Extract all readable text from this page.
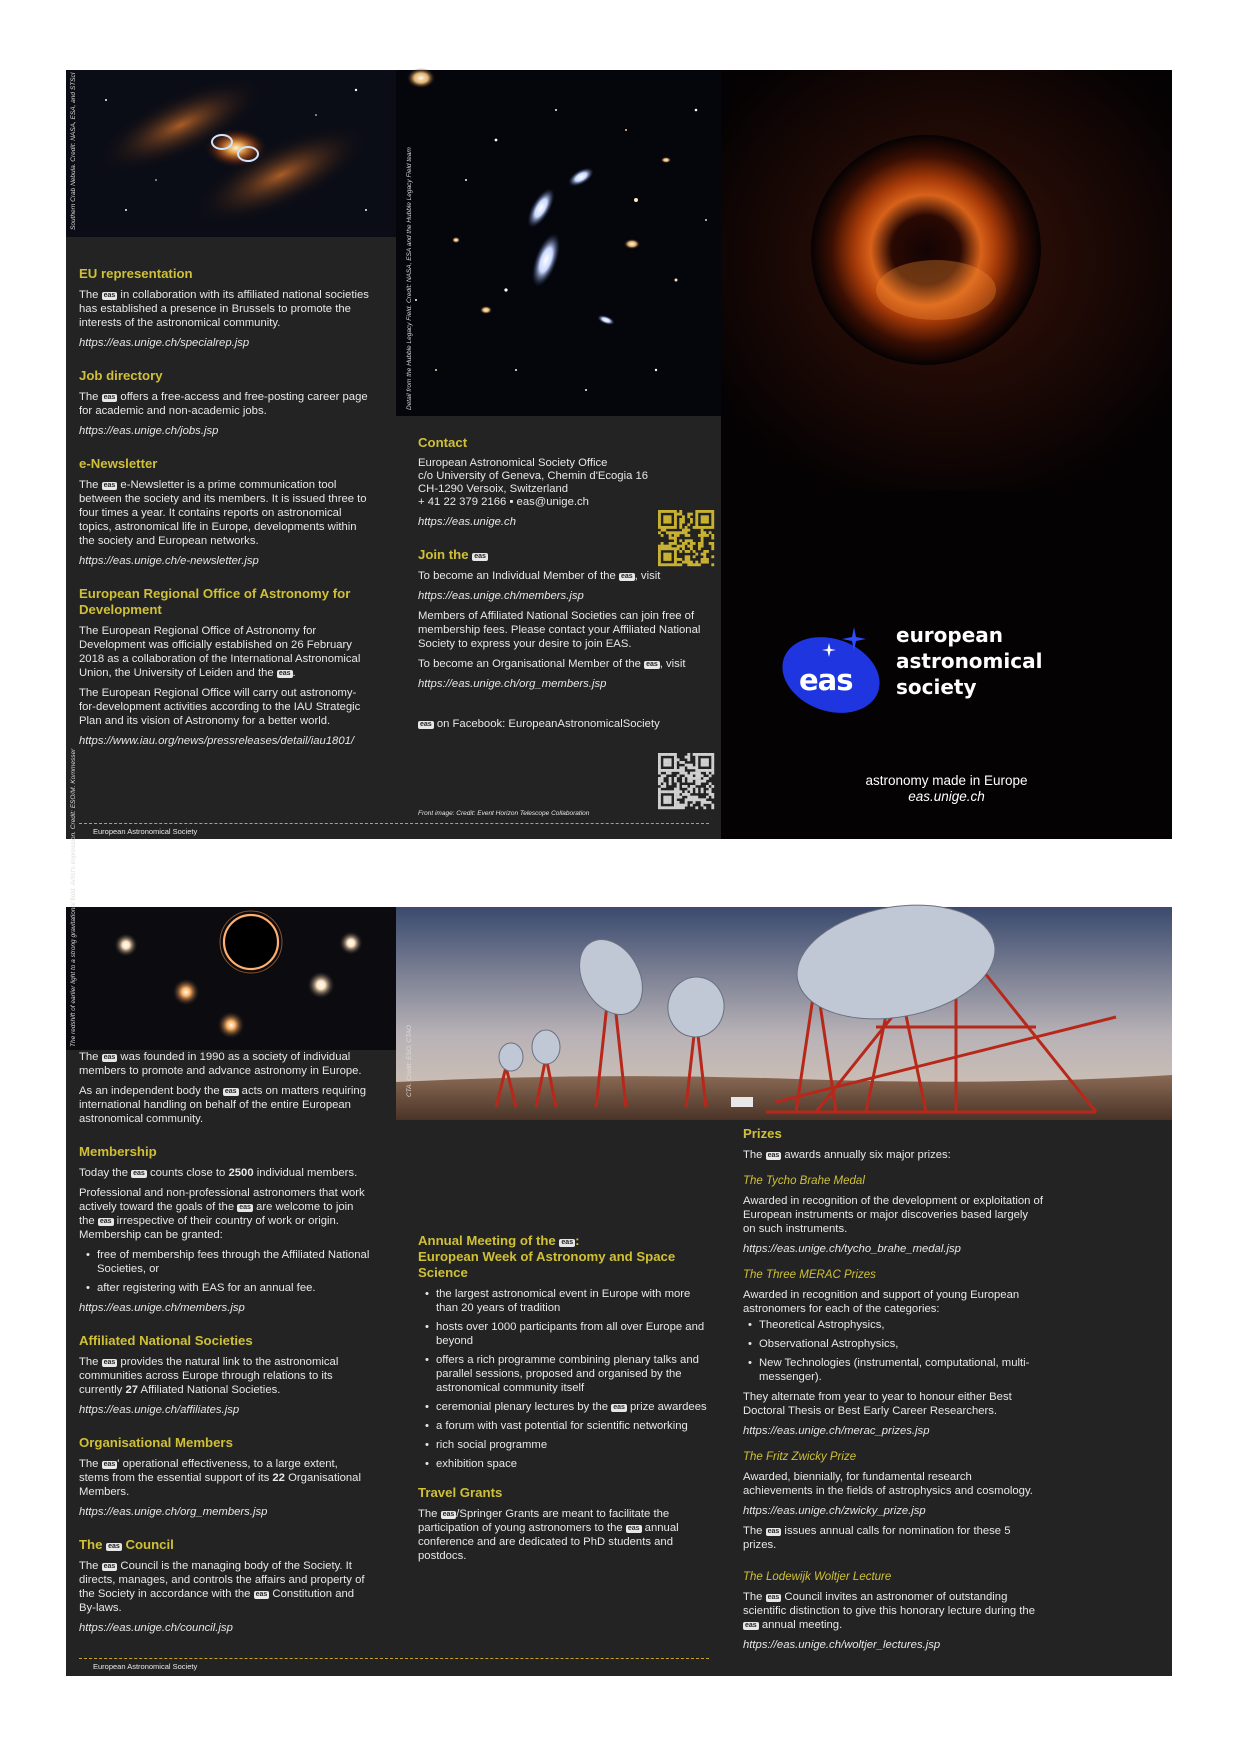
Southern Crab Nebula. Credit: NASA, ESA, and STScI
EU representation

The eas in collaboration with its affiliated national societies has established a presence in Brussels to promote the interests of the astronomical community.

https://eas.unige.ch/specialrep.jsp

Job directory

The eas offers a free-access and free-posting career page for academic and non-academic jobs.

https://eas.unige.ch/jobs.jsp

e-Newsletter

The eas e-Newsletter is a prime communication tool between the society and its members. It is issued three to four times a year. It contains reports on astronomical topics, astronomical life in Europe, developments within the society and European networks.

https://eas.unige.ch/e-newsletter.jsp

European Regional Office of Astronomy for Development

The European Regional Office of Astronomy for Development was officially established on 26 February 2018 as a collaboration of the International Astronomical Union, the University of Leiden and the eas .

The European Regional Office will carry out astronomy-for-development activities according to the IAU Strategic Plan and its vision of Astronomy for a better world.

https://www.iau.org/news/pressreleases/detail/iau1801/

Detail from the Hubble Legacy Field. Credit: NASA, ESA and the Hubble Legacy Field team
Contact
European Astronomical Society Office
c/o University of Geneva, Chemin d'Ecogia 16
CH-1290 Versoix, Switzerland
+ 41 22 379 2166 ▪ eas@unige.ch

https://eas.unige.ch

Join the eas

To become an Individual Member of the eas , visit

https://eas.unige.ch/members.jsp

Members of Affiliated National Societies can join free of membership fees. Please contact your Affiliated National Society to express your desire to join EAS.

To become an Organisational Member of the eas , visit

https://eas.unige.ch/org_members.jsp

eas on Facebook: EuropeanAstronomicalSociety

Front image: Credit: Event Horizon Telescope Collaboration
eas
european
astronomical
society
astronomy made in Europe
eas.unige.ch
European Astronomical Society
The redshift of earlier light to a strong gravitational field. Artist's impression. Credit: ESO/M. Kornmesser

The eas was founded in 1990 as a society of individual members to promote and advance astronomy in Europe.

As an independent body the eas acts on matters requiring international handling on behalf of the entire European astronomical community.

Membership

Today the eas counts close to 2500 individual members.

Professional and non-professional astronomers that work actively toward the goals of the eas are welcome to join the eas irrespective of their country of work or origin. Membership can be granted:

• free of membership fees through the Affiliated National Societies, or
• after registering with EAS for an annual fee.

https://eas.unige.ch/members.jsp

Affiliated National Societies

The eas provides the natural link to the astronomical communities across Europe through relations to its currently 27 Affiliated National Societies.

https://eas.unige.ch/affiliates.jsp

Organisational Members

The eas ' operational effectiveness, to a large extent, stems from the essential support of its 22 Organisational Members.

https://eas.unige.ch/org_members.jsp

The eas Council

The eas Council is the managing body of the Society. It directs, manages, and controls the affairs and property of the Society in accordance with the eas Constitution and By-laws.

https://eas.unige.ch/council.jsp

CTA. Credit: ESO, CTAO
Annual Meeting of the eas :
European Week of Astronomy and Space Science
• the largest astronomical event in Europe with more than 20 years of tradition
• hosts over 1000 participants from all over Europe and beyond
• offers a rich programme combining plenary talks and parallel sessions, proposed and organised by the astronomical community itself
• ceremonial plenary lectures by the eas prize awardees
• a forum with vast potential for scientific networking
• rich social programme
• exhibition space
Travel Grants

The eas /Springer Grants are meant to facilitate the participation of young astronomers to the eas annual conference and are dedicated to PhD students and postdocs.

Prizes

The eas awards annually six major prizes:

The Tycho Brahe Medal

Awarded in recognition of the development or exploitation of European instruments or major discoveries based largely on such instruments.

https://eas.unige.ch/tycho_brahe_medal.jsp

The Three MERAC Prizes

Awarded in recognition and support of young European astronomers for each of the categories:

• Theoretical Astrophysics,
• Observational Astrophysics,
• New Technologies (instrumental, computational, multi-messenger).

They alternate from year to year to honour either Best Doctoral Thesis or Best Early Career Researchers.

https://eas.unige.ch/merac_prizes.jsp

The Fritz Zwicky Prize

Awarded, biennially, for fundamental research achievements in the fields of astrophysics and cosmology.

https://eas.unige.ch/zwicky_prize.jsp

The eas issues annual calls for nomination for these 5 prizes.

The Lodewijk Woltjer Lecture

The eas Council invites an astronomer of outstanding scientific distinction to give this honorary lecture during the eas annual meeting.

https://eas.unige.ch/woltjer_lectures.jsp

European Astronomical Society
